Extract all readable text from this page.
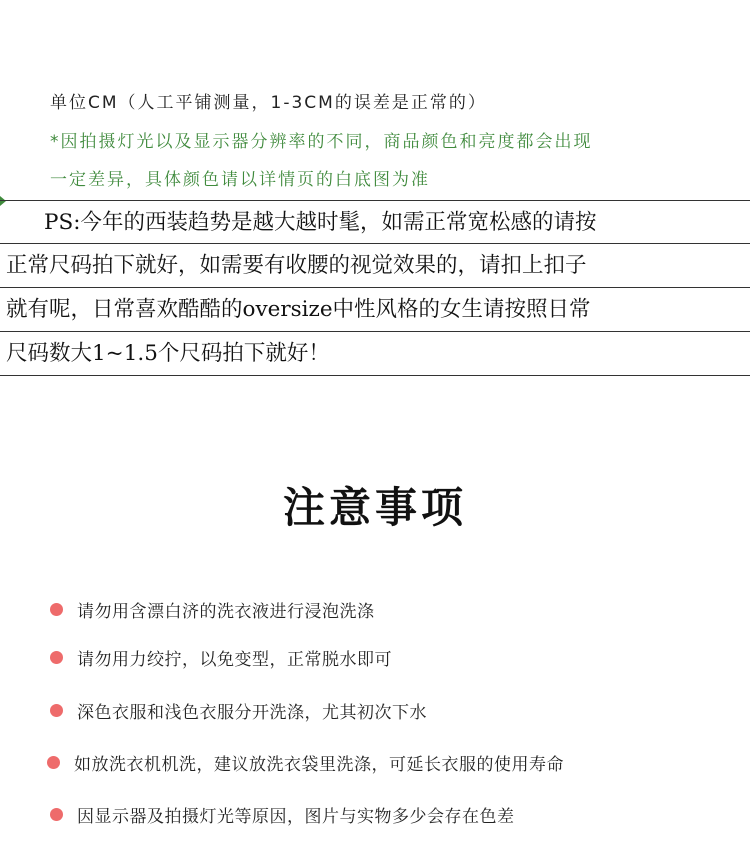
单位CM（人工平铺测量，1-3CM的误差是正常的）
*因拍摄灯光以及显示器分辨率的不同，商品颜色和亮度都会出现
一定差异，具体颜色请以详情页的白底图为准
PS:今年的西装趋势是越大越时髦，如需正常宽松感的请按
正常尺码拍下就好，如需要有收腰的视觉效果的，请扣上扣子
就有呢，日常喜欢酷酷的oversize中性风格的女生请按照日常
尺码数大1~1.5个尺码拍下就好！
注意事项
请勿用含漂白济的洗衣液进行浸泡洗涤
请勿用力绞拧，以免变型，正常脱水即可
深色衣服和浅色衣服分开洗涤，尤其初次下水
如放洗衣机机洗，建议放洗衣袋里洗涤，可延长衣服的使用寿命
因显示器及拍摄灯光等原因，图片与实物多少会存在色差
